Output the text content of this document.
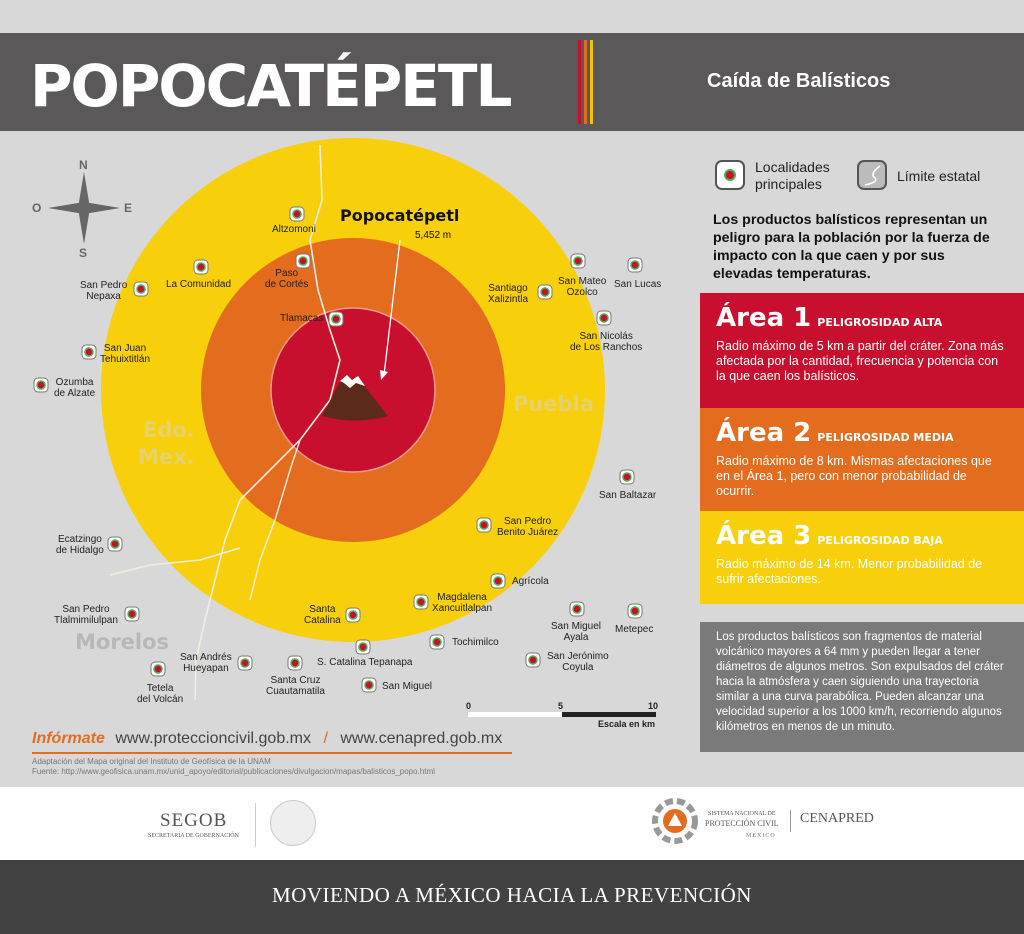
POPOCATÉPETL	Caída de Balísticos
Popocatépetl
5,452 m
Edo.
Mex.
Puebla
Morelos
N
S
E
O
0	5	10
Escala en km
Altzomoni
San Pedro
Nepaxa
La Comunidad
Paso
de Cortés
Tlamacas
Santiago
Xalizintla
San Mateo
Ozolco
San Lucas
San Nicolás
de Los Ranchos
San Juan
Tehuixtitlán
Ozumba
de Alzate
San Baltazar
Ecatzingo
de Hidalgo
San Pedro
Benito Juárez
Agrícola
San Pedro
Tlalmimilulpan
Santa
Catalina
Magdalena
Xancuitlalpan
San Miguel
Ayala
Metepec
Tochimilco
San Andrés
Hueyapan
S. Catalina Tepanapa
San Jerónimo
Coyula
Tetela
del Volcán
Santa Cruz
Cuautamatila	San Miguel
Localidades
principales	Límite estatal
Los productos balísticos representan un peligro para la población por la fuerza de impacto con la que caen y por sus elevadas temperaturas.
Área 1 PELIGROSIDAD ALTA
Radio máximo de 5 km a partir del cráter. Zona más afectada por la cantidad, frecuencia y potencia con la que caen los balísticos.
Área 2 PELIGROSIDAD MEDIA
Radio máximo de 8 km. Mismas afectaciones que en el Área 1, pero con menor probabilidad de ocurrir.
Área 3 PELIGROSIDAD BAJA
Radio máximo de 14 km. Menor probabilidad de sufrir afectaciones.
Los productos balísticos son fragmentos de material volcánico mayores a 64 mm y pueden llegar a tener diámetros de algunos metros. Son expulsados del cráter hacia la atmósfera y caen siguiendo una trayectoria similar a una curva parabólica. Pueden alcanzar una velocidad superior a los 1000 km/h, recorriendo algunos kilómetros en menos de un minuto.
Infórmate www.proteccioncivil.gob.mx / www.cenapred.gob.mx
Adaptación del Mapa original del Instituto de Geofísica de la UNAM
Fuente: http://www.geofisica.unam.mx/unid_apoyo/editorial/publicaciones/divulgacion/mapas/balisticos_popo.html
SEGOB
SECRETARÍA DE GOBERNACIÓN
SISTEMA NACIONAL DE
PROTECCIÓN CIVIL CENAPRED
MÉXICO
MOVIENDO A MÉXICO HACIA LA PREVENCIÓN
